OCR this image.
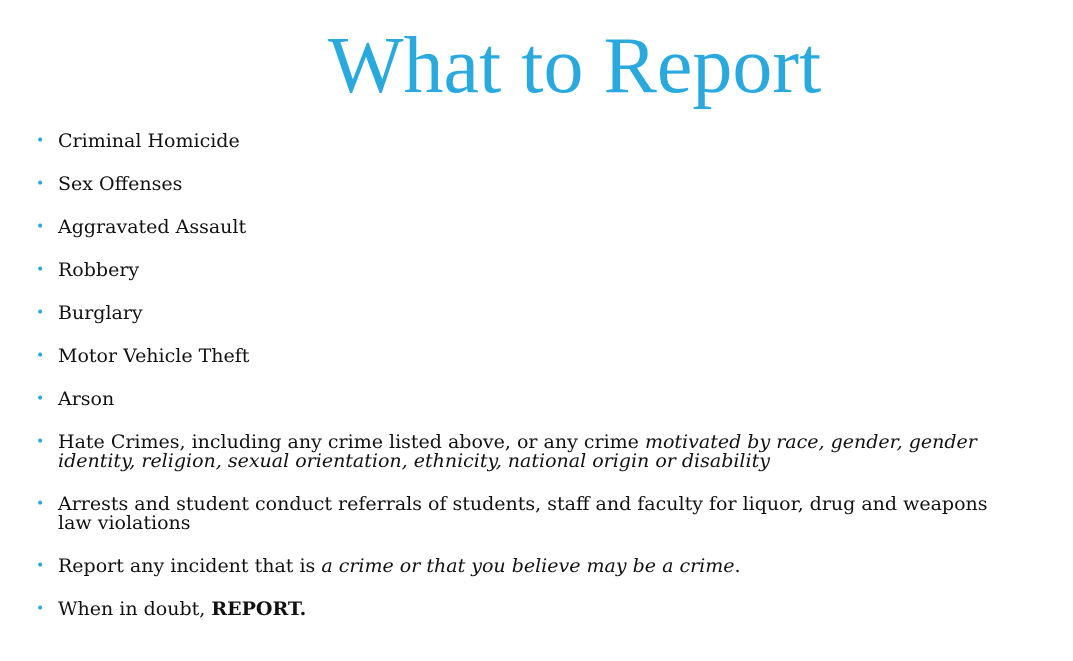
What to Report
• Criminal Homicide
• Sex Offenses
• Aggravated Assault
• Robbery
• Burglary
• Motor Vehicle Theft
• Arson
• Hate Crimes, including any crime listed above, or any crime motivated by race, gender, gender identity, religion, sexual orientation, ethnicity, national origin or disability
• Arrests and student conduct referrals of students, staff and faculty for liquor, drug and weapons law violations
• Report any incident that is a crime or that you believe may be a crime.
• When in doubt, REPORT.
